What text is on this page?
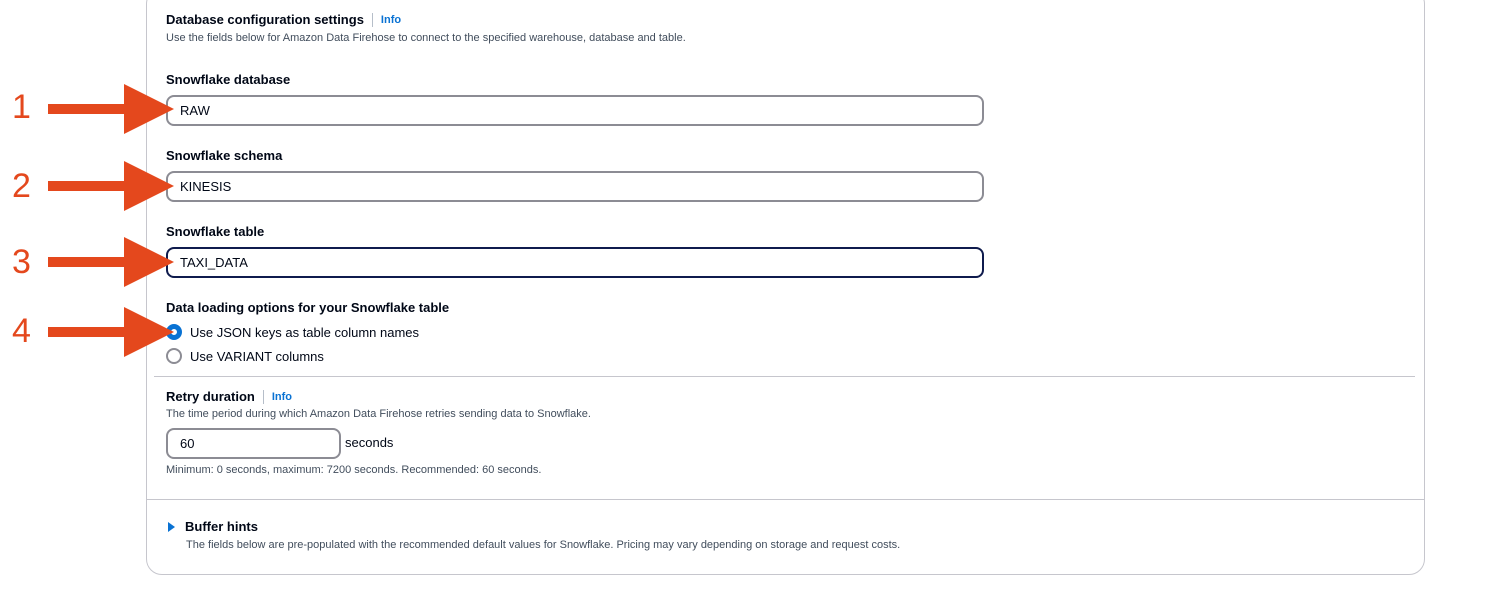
Database configuration settings Info
Use the fields below for Amazon Data Firehose to connect to the specified warehouse, database and table.
Snowflake database
RAW
Snowflake schema
KINESIS
Snowflake table
TAXI_DATA
Data loading options for your Snowflake table
Use JSON keys as table column names
Use VARIANT columns
Retry duration Info
The time period during which Amazon Data Firehose retries sending data to Snowflake.
60
seconds
Minimum: 0 seconds, maximum: 7200 seconds. Recommended: 60 seconds.
Buffer hints
The fields below are pre-populated with the recommended default values for Snowflake. Pricing may vary depending on storage and request costs.
1
2
3
4
